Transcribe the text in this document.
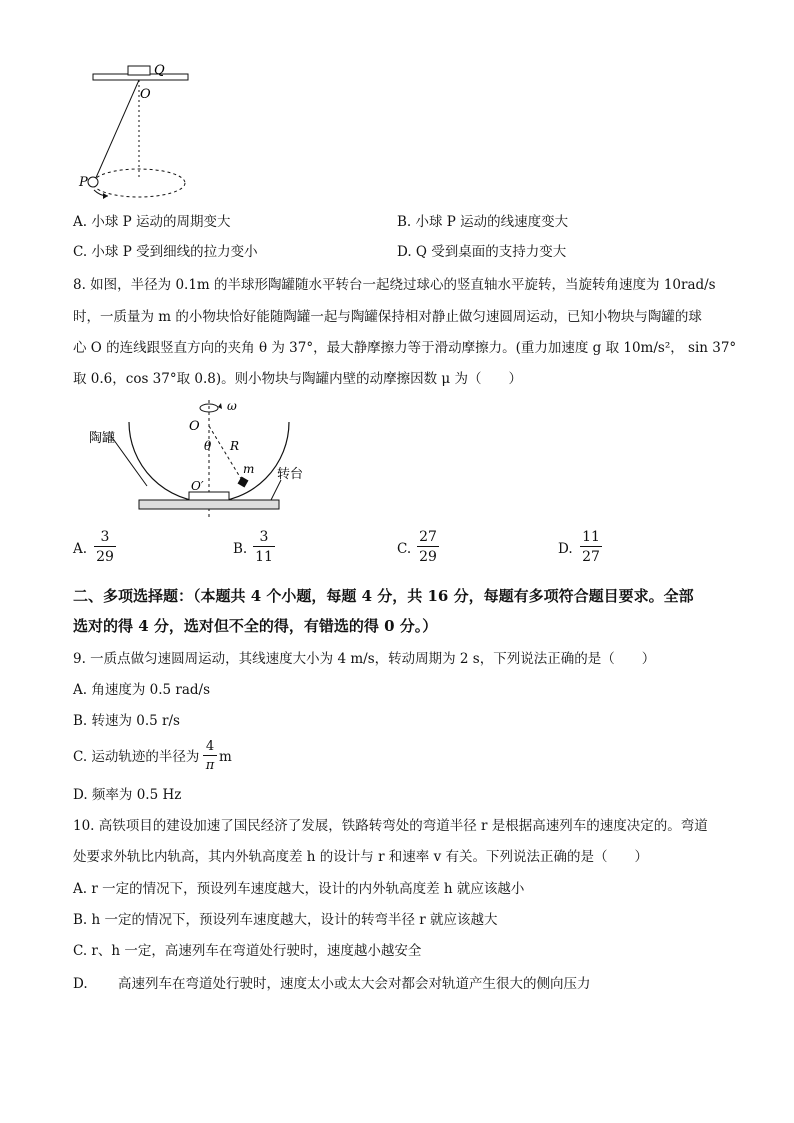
Q
O
P
A. 小球 P 运动的周期变大	B. 小球 P 运动的线速度变大
C. 小球 P 受到细线的拉力变小	D. Q 受到桌面的支持力变大
8. 如图，半径为 0.1m 的半球形陶罐随水平转台一起绕过球心的竖直轴水平旋转，当旋转角速度为 10rad/s
时，一质量为 m 的小物块恰好能随陶罐一起与陶罐保持相对静止做匀速圆周运动，已知小物块与陶罐的球
心 O 的连线跟竖直方向的夹角 θ 为 37°，最大静摩擦力等于滑动摩擦力。(重力加速度 g 取 10m/s²， sin 37°
取 0.6，cos 37°取 0.8)。则小物块与陶罐内壁的动摩擦因数 μ 为（　　）
ω
O
θ R
m
O′
陶罐
转台
A.
3
29	B.
3
11	C.
27
29	D.
11
27
二、多项选择题：（本题共 4 个小题，每题 4 分，共 16 分，每题有多项符合题目要求。全部
选对的得 4 分，选对但不全的得，有错选的得 0 分。）
9. 一质点做匀速圆周运动，其线速度大小为 4 m/s，转动周期为 2 s，下列说法正确的是（　　）
A. 角速度为 0.5 rad/s
B. 转速为 0.5 r/s
C. 运动轨迹的半径为
4
π
m
D. 频率为 0.5 Hz
10. 高铁项目的建设加速了国民经济了发展，铁路转弯处的弯道半径 r 是根据高速列车的速度决定的。弯道
处要求外轨比内轨高，其内外轨高度差 h 的设计与 r 和速率 v 有关。下列说法正确的是（　　）
A. r 一定的情况下，预设列车速度越大，设计的内外轨高度差 h 就应该越小
B. h 一定的情况下，预设列车速度越大，设计的转弯半径 r 就应该越大
C. r、h 一定，高速列车在弯道处行驶时，速度越小越安全
D. 高速列车在弯道处行驶时，速度太小或太大会对都会对轨道产生很大的侧向压力
